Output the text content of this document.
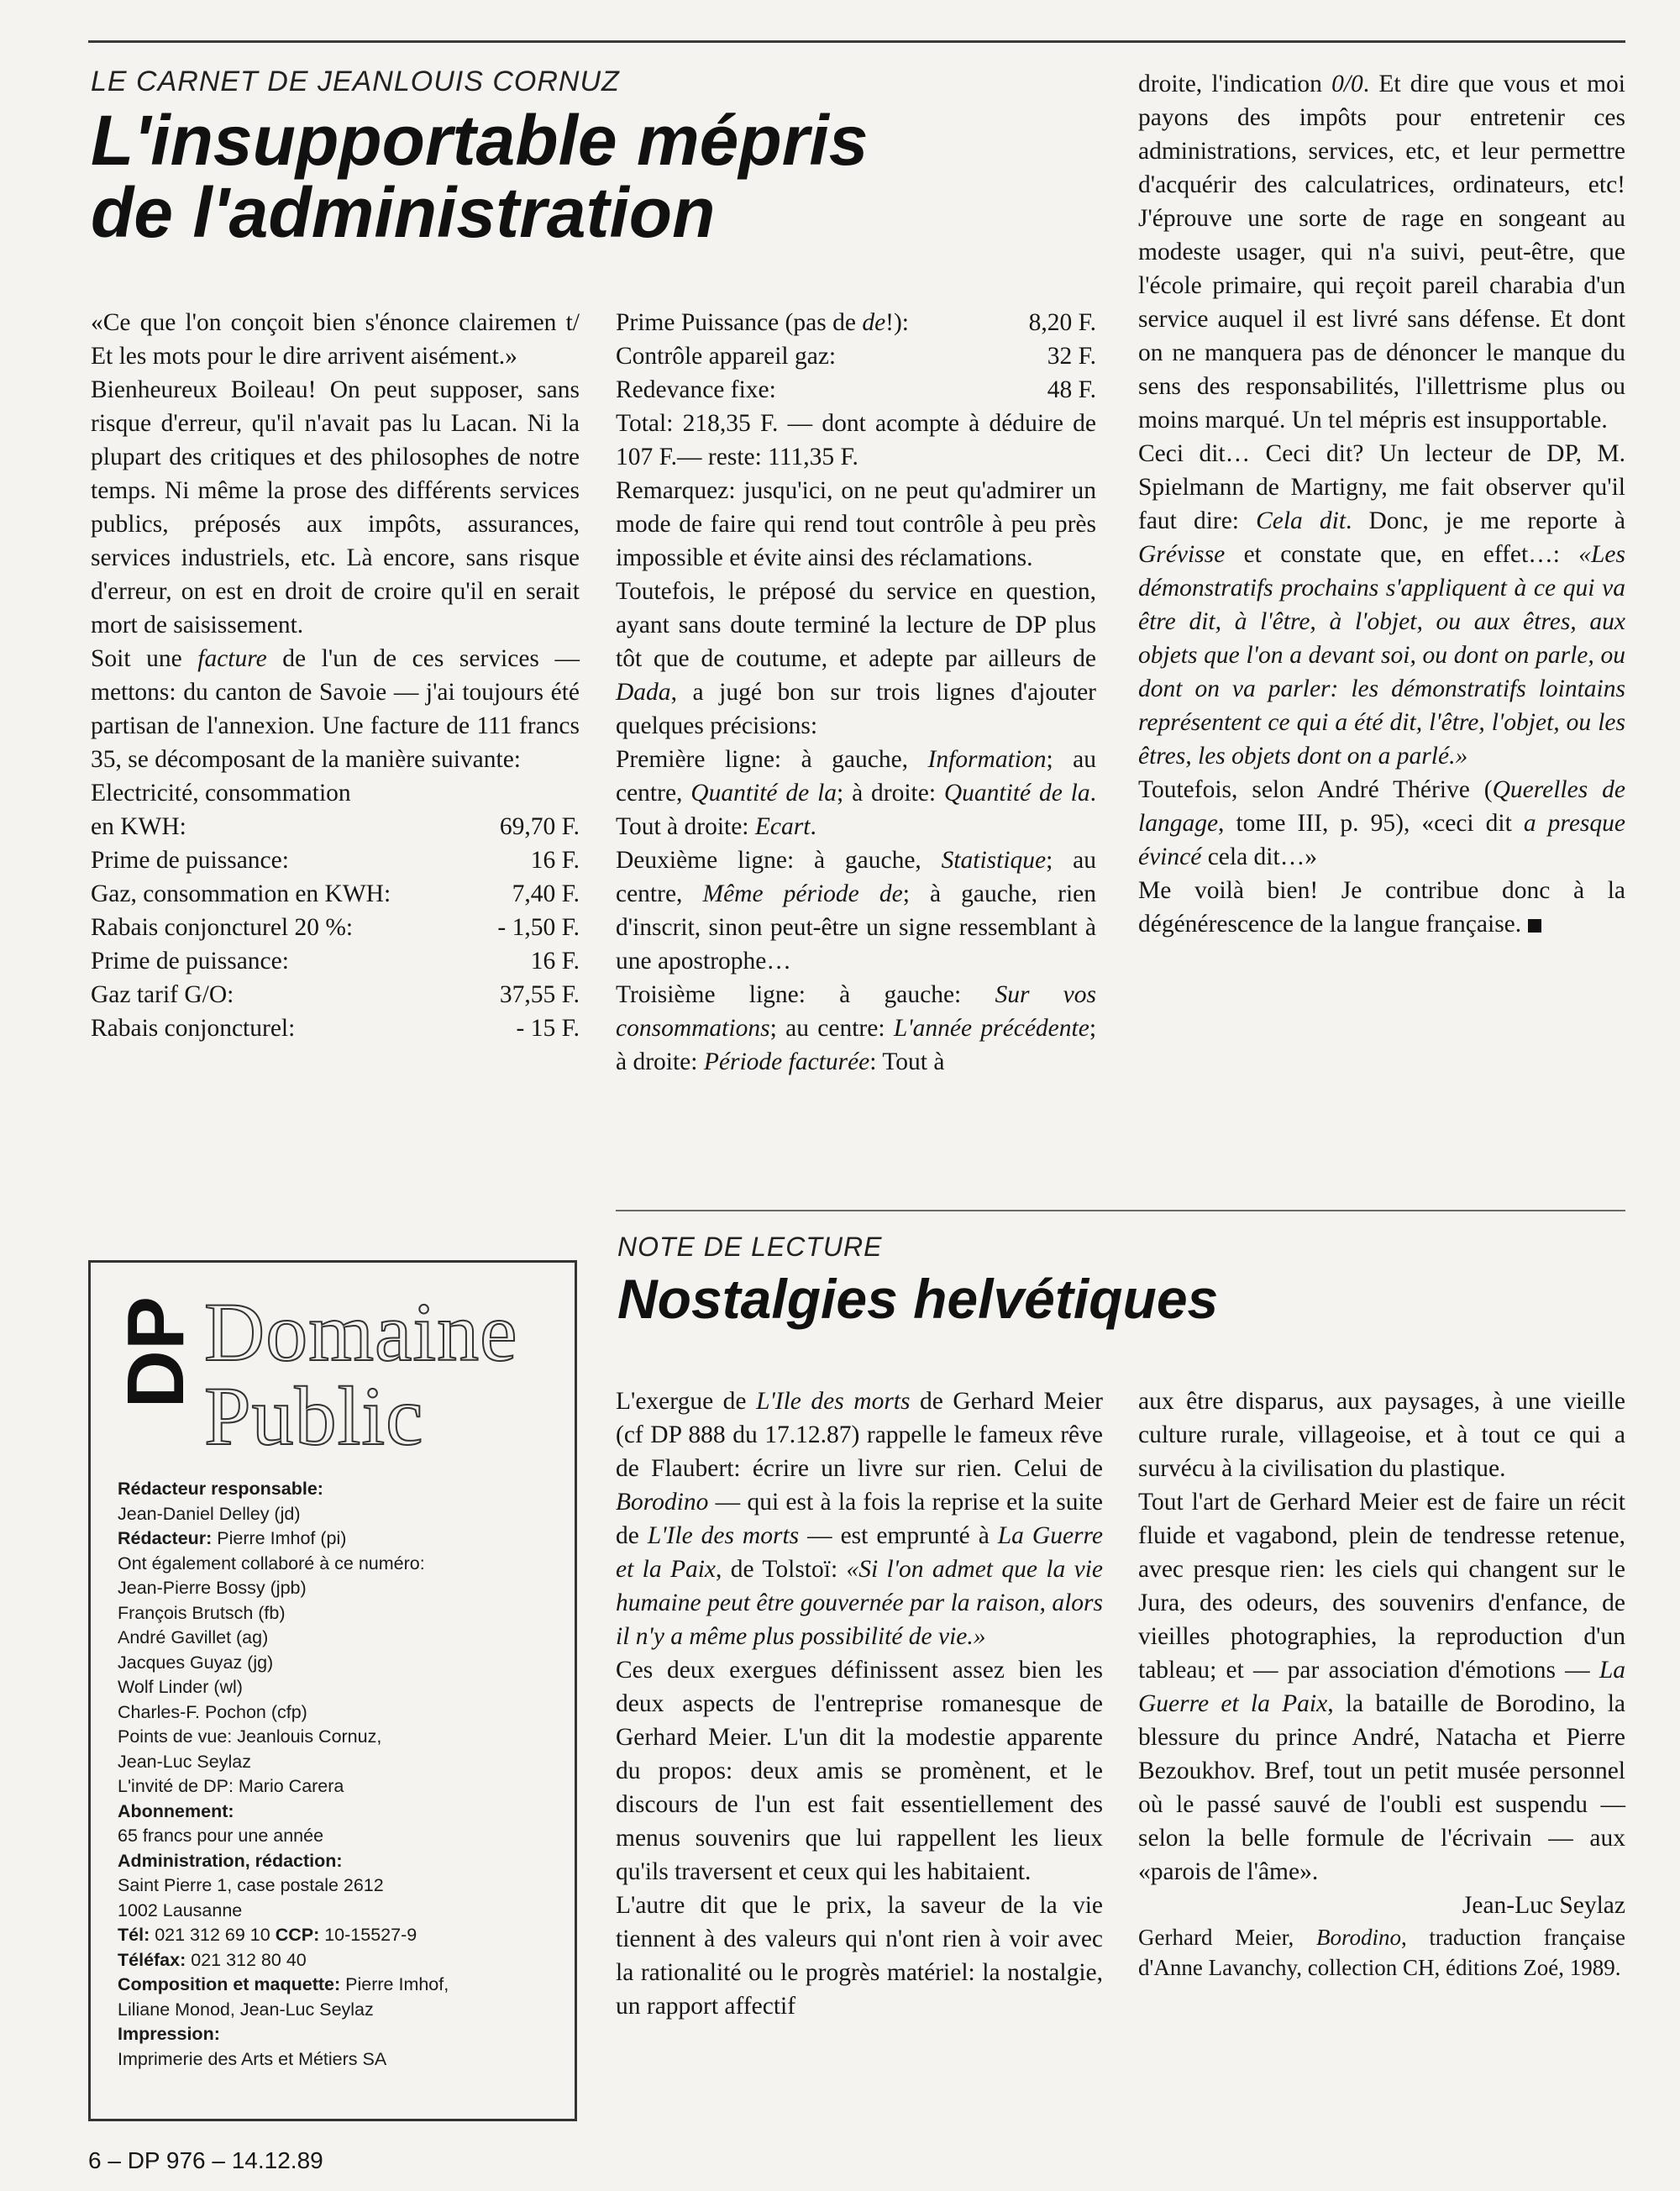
LE CARNET DE JEANLOUIS CORNUZ
L'insupportable mépris
de l'administration

«Ce que l'on conçoit bien s'énonce clairemen t/ Et les mots pour le dire arrivent aisément.»

Bienheureux Boileau! On peut supposer, sans risque d'erreur, qu'il n'avait pas lu Lacan. Ni la plupart des critiques et des philosophes de notre temps. Ni même la prose des différents services publics, préposés aux impôts, assurances, services industriels, etc. Là encore, sans risque d'erreur, on est en droit de croire qu'il en serait mort de saisissement.

Soit une facture de l'un de ces services — mettons: du canton de Savoie — j'ai toujours été partisan de l'annexion. Une facture de 111 francs 35, se décomposant de la manière suivante:

Electricité, consommation

en KWH:	69,70 F.
Prime de puissance:	16 F.
Gaz, consommation en KWH:	7,40 F.
Rabais conjoncturel 20 %:	- 1,50 F.
Prime de puissance:	16 F.
Gaz tarif G/O:	37,55 F.
Rabais conjoncturel:	- 15 F.
Prime Puissance (pas de de!):	8,20 F.
Contrôle appareil gaz:	32 F.
Redevance fixe:	48 F.

Total: 218,35 F. — dont acompte à déduire de 107 F.— reste: 111,35 F.

Remarquez: jusqu'ici, on ne peut qu'admirer un mode de faire qui rend tout contrôle à peu près impossible et évite ainsi des réclamations.

Toutefois, le préposé du service en question, ayant sans doute terminé la lecture de DP plus tôt que de coutume, et adepte par ailleurs de Dada, a jugé bon sur trois lignes d'ajouter quelques précisions:

Première ligne: à gauche, Information; au centre, Quantité de la; à droite: Quantité de la. Tout à droite: Ecart.

Deuxième ligne: à gauche, Statistique; au centre, Même période de; à gauche, rien d'inscrit, sinon peut-être un signe ressemblant à une apostrophe…

Troisième ligne: à gauche: Sur vos consommations; au centre: L'année précédente; à droite: Période facturée: Tout à

droite, l'indication 0/0. Et dire que vous et moi payons des impôts pour entretenir ces administrations, services, etc, et leur permettre d'acquérir des calculatrices, ordinateurs, etc! J'éprouve une sorte de rage en songeant au modeste usager, qui n'a suivi, peut-être, que l'école primaire, qui reçoit pareil charabia d'un service auquel il est livré sans défense. Et dont on ne manquera pas de dénoncer le manque du sens des responsabilités, l'illettrisme plus ou moins marqué. Un tel mépris est insupportable.

Ceci dit… Ceci dit? Un lecteur de DP, M. Spielmann de Martigny, me fait observer qu'il faut dire: Cela dit. Donc, je me reporte à Grévisse et constate que, en effet…: «Les démonstratifs prochains s'appliquent à ce qui va être dit, à l'être, à l'objet, ou aux êtres, aux objets que l'on a devant soi, ou dont on parle, ou dont on va parler: les démonstratifs lointains représentent ce qui a été dit, l'être, l'objet, ou les êtres, les objets dont on a parlé.»

Toutefois, selon André Thérive (Querelles de langage, tome III, p. 95), «ceci dit a presque évincé cela dit…»

Me voilà bien! Je contribue donc à la dégénérescence de la langue française.

DP Domaine
Public
Rédacteur responsable:
Jean-Daniel Delley (jd)
Rédacteur: Pierre Imhof (pi)
Ont également collaboré à ce numéro:
Jean-Pierre Bossy (jpb)
François Brutsch (fb)
André Gavillet (ag)
Jacques Guyaz (jg)
Wolf Linder (wl)
Charles-F. Pochon (cfp)
Points de vue: Jeanlouis Cornuz,
Jean-Luc Seylaz
L'invité de DP: Mario Carera
Abonnement:
65 francs pour une année
Administration, rédaction:
Saint Pierre 1, case postale 2612
1002 Lausanne
Tél: 021 312 69 10 CCP: 10-15527-9
Téléfax: 021 312 80 40
Composition et maquette: Pierre Imhof,
Liliane Monod, Jean-Luc Seylaz
Impression:
Imprimerie des Arts et Métiers SA
NOTE DE LECTURE
Nostalgies helvétiques

L'exergue de L'Ile des morts de Gerhard Meier (cf DP 888 du 17.12.87) rappelle le fameux rêve de Flaubert: écrire un livre sur rien. Celui de Borodino — qui est à la fois la reprise et la suite de L'Ile des morts — est emprunté à La Guerre et la Paix, de Tolstoï: «Si l'on admet que la vie humaine peut être gouvernée par la raison, alors il n'y a même plus possibilité de vie.»

Ces deux exergues définissent assez bien les deux aspects de l'entreprise romanesque de Gerhard Meier. L'un dit la modestie apparente du propos: deux amis se promènent, et le discours de l'un est fait essentiellement des menus souvenirs que lui rappellent les lieux qu'ils traversent et ceux qui les habitaient.

L'autre dit que le prix, la saveur de la vie tiennent à des valeurs qui n'ont rien à voir avec la rationalité ou le progrès matériel: la nostalgie, un rapport affectif

aux être disparus, aux paysages, à une vieille culture rurale, villageoise, et à tout ce qui a survécu à la civilisation du plastique.

Tout l'art de Gerhard Meier est de faire un récit fluide et vagabond, plein de tendresse retenue, avec presque rien: les ciels qui changent sur le Jura, des odeurs, des souvenirs d'enfance, de vieilles photographies, la reproduction d'un tableau; et — par association d'émotions — La Guerre et la Paix, la bataille de Borodino, la blessure du prince André, Natacha et Pierre Bezoukhov. Bref, tout un petit musée personnel où le passé sauvé de l'oubli est suspendu — selon la belle formule de l'écrivain — aux «parois de l'âme».

Jean-Luc Seylaz

Gerhard Meier, Borodino, traduction française d'Anne Lavanchy, collection CH, éditions Zoé, 1989.

6 – DP 976 – 14.12.89
